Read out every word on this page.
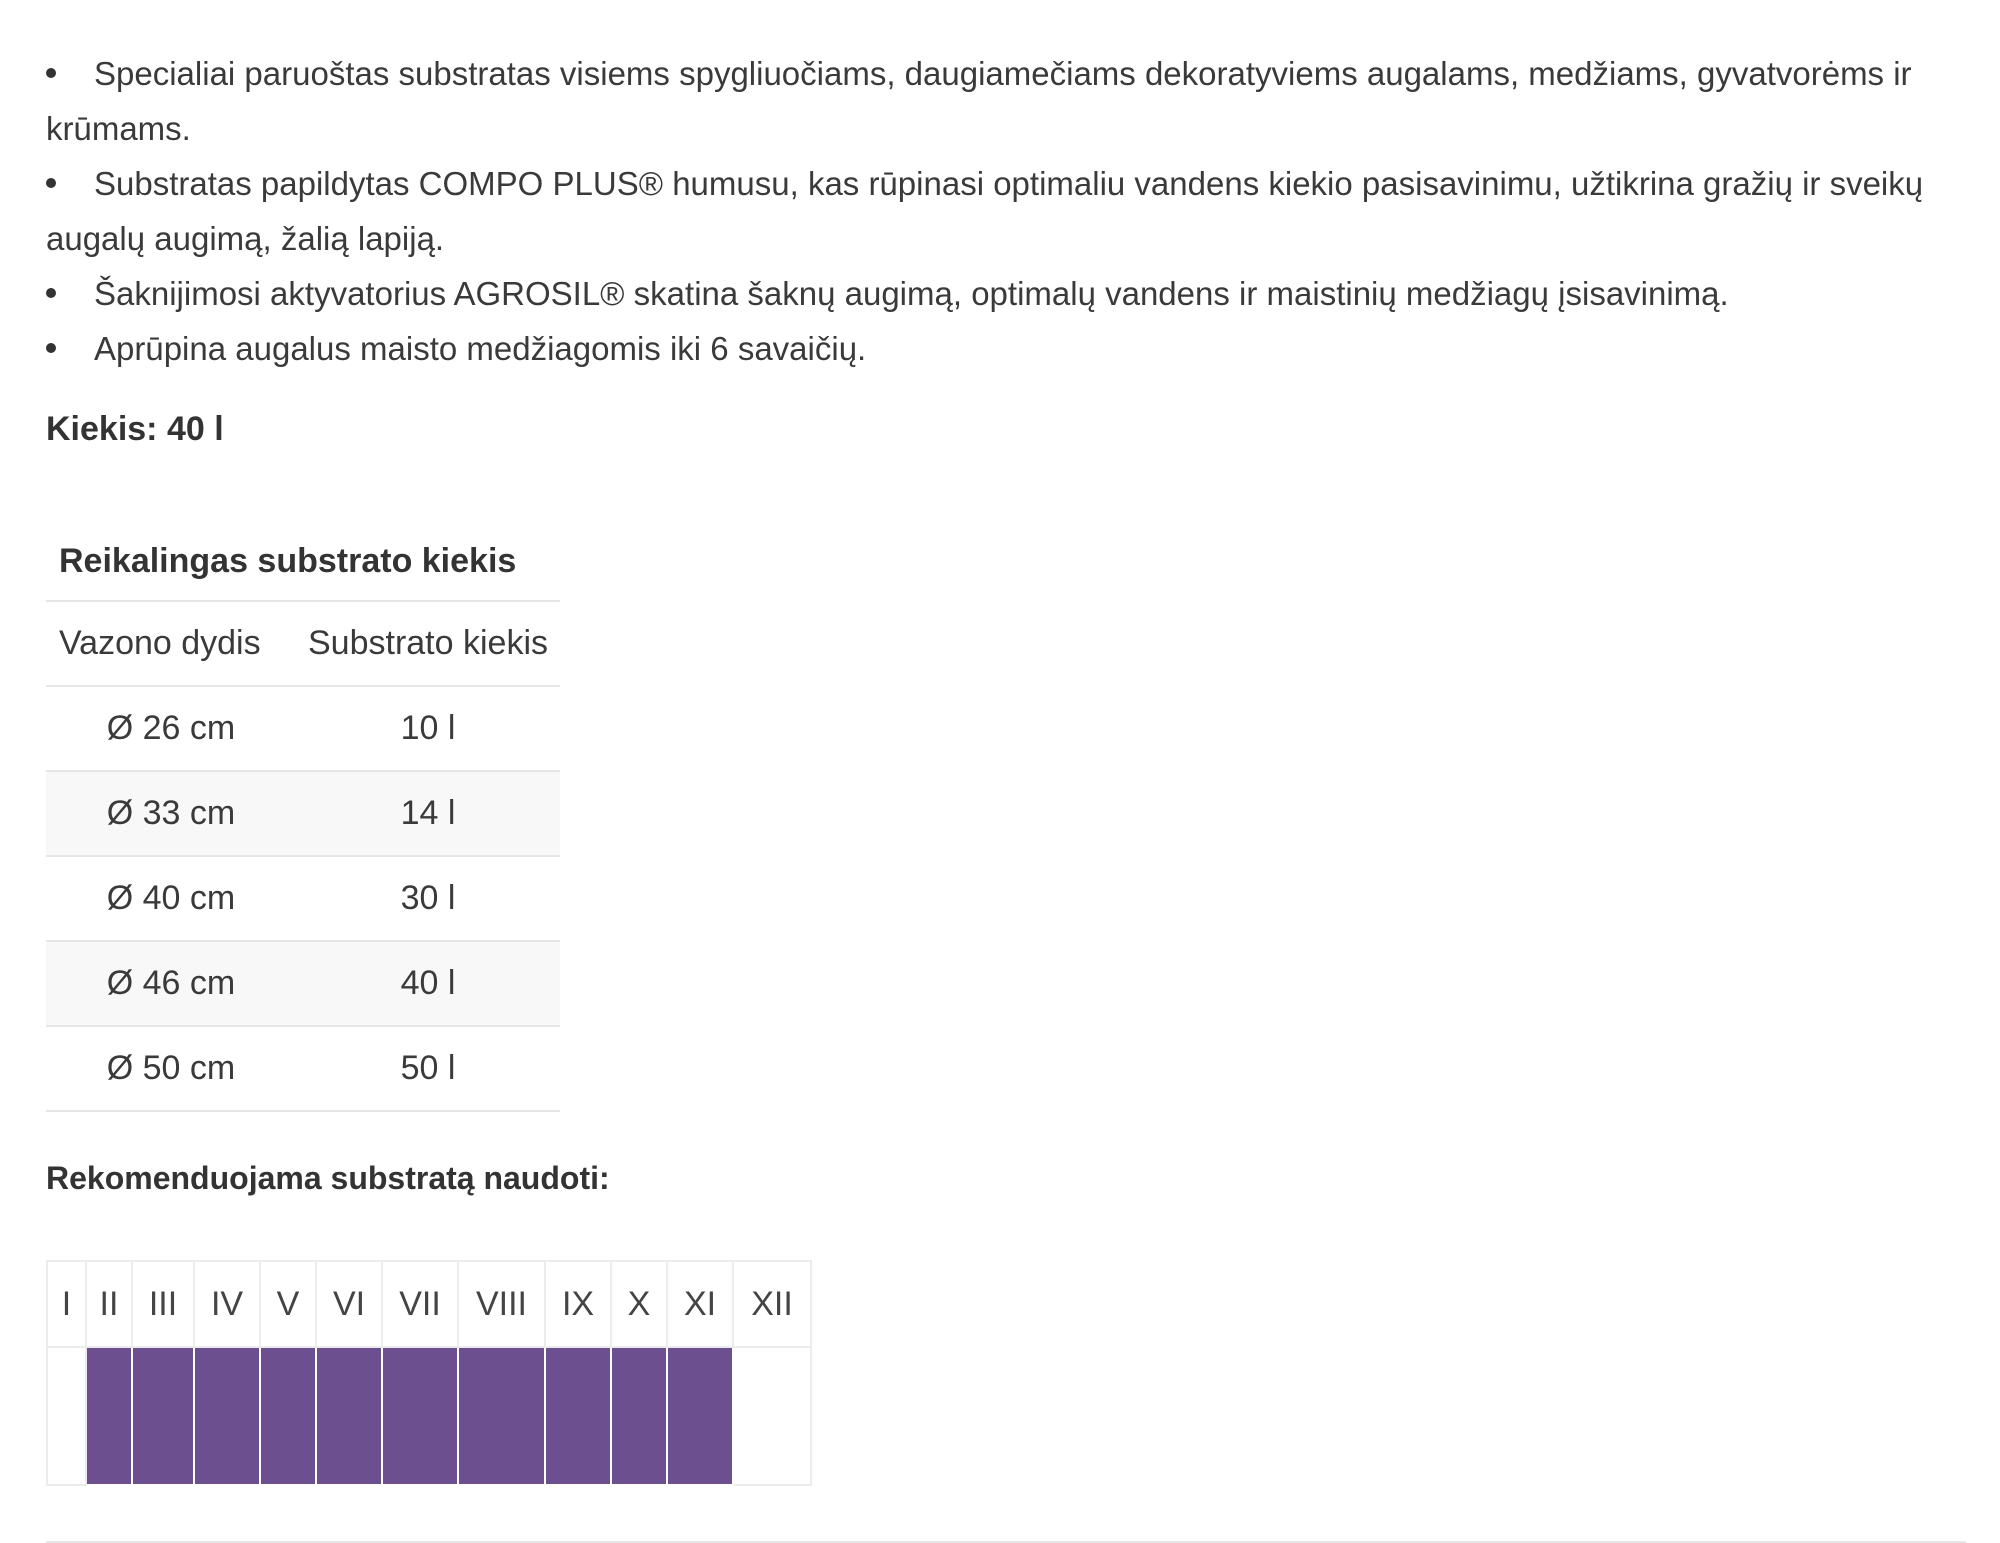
Specialiai paruoštas substratas visiems spygliuočiams, daugiamečiams dekoratyviems augalams, medžiams, gyvatvorėms ir krūmams.
Substratas papildytas COMPO PLUS® humusu, kas rūpinasi optimaliu vandens kiekio pasisavinimu, užtikrina gražių ir sveikų augalų augimą, žalią lapiją.
Šaknijimosi aktyvatorius AGROSIL® skatina šaknų augimą, optimalų vandens ir maistinių medžiagų įsisavinimą.
Aprūpina augalus maisto medžiagomis iki 6 savaičių.
Kiekis: 40 l
Reikalingas substrato kiekis
Vazono dydis	Substrato kiekis
Ø 26 cm	10 l
Ø 33 cm	14 l
Ø 40 cm	30 l
Ø 46 cm	40 l
Ø 50 cm	50 l
Rekomenduojama substratą naudoti:
I	II	III	IV	V	VI	VII	VIII	IX	X	XI	XII
